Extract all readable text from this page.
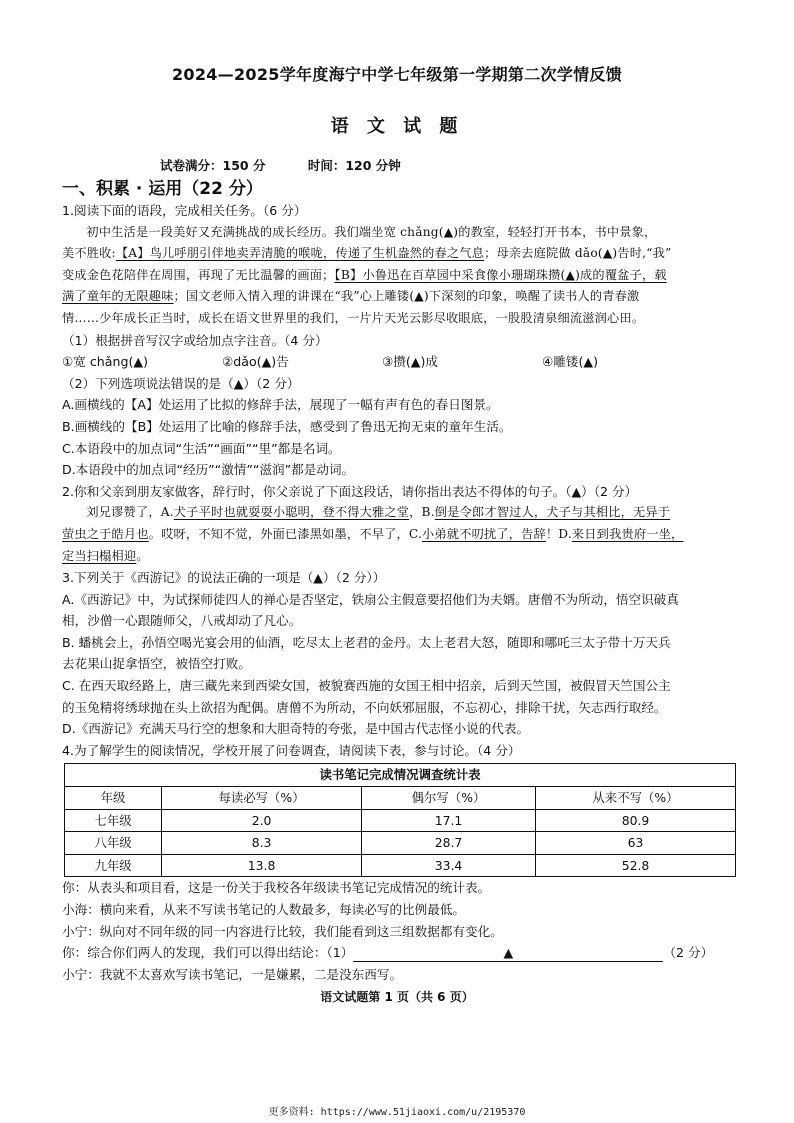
2024—2025学年度海宁中学七年级第一学期第二次学情反馈
语 文 试 题
试卷满分：150 分	时间：120 分钟
一、积累 · 运用（22 分）

1.阅读下面的语段，完成相关任务。（6 分）

初中生活是一段美好又充满挑战的成长经历。我们端坐宽 chǎng(▲)的教室，轻轻打开书本，书中景象，

美不胜收:【A】鸟儿呼朋引伴地卖弄清脆的喉咙，传递了生机盎然的春之气息；母亲去庭院做 dǎo(▲)告时,“我”

变成金色花陪伴在周围，再现了无比温馨的画面；【B】小鲁迅在百草园中采食像小珊瑚珠攒(▲)成的覆盆子，载

满了童年的无限趣味；国文老师入情入理的讲课在“我”心上雕镂(▲)下深刻的印象，唤醒了读书人的青春激

情……少年成长正当时，成长在语文世界里的我们，一片片天光云影尽收眼底，一股股清泉细流滋润心田。

（1）根据拼音写汉字或给加点字注音。（4 分）

①宽 chǎng(▲)	②dǎo(▲)告	③攒(▲)成	④雕镂(▲)

（2）下列选项说法错误的是（▲）（2 分）

A.画横线的【A】处运用了比拟的修辞手法，展现了一幅有声有色的春日图景。

B.画横线的【B】处运用了比喻的修辞手法，感受到了鲁迅无拘无束的童年生活。

C.本语段中的加点词“生活”“画面”“里”都是名词。

D.本语段中的加点词“经历”“激情”“滋润”都是动词。

2.你和父亲到朋友家做客，辞行时，你父亲说了下面这段话，请你指出表达不得体的句子。（▲）（2 分）

刘兄谬赞了，A.犬子平时也就耍耍小聪明，登不得大雅之堂，B.倒是令郎才智过人，犬子与其相比，无异于

萤虫之于皓月也。哎呀，不知不觉，外面已漆黑如墨，不早了，C.小弟就不叨扰了，告辞！D.来日到我贵府一坐，

定当扫榻相迎。

3.下列关于《西游记》的说法正确的一项是（▲）（2 分））

A.《西游记》中，为试探师徒四人的禅心是否坚定，铁扇公主假意要招他们为夫婿。唐僧不为所动，悟空识破真

相，沙僧一心跟随师父，八戒却动了凡心。

B. 蟠桃会上，孙悟空喝光宴会用的仙酒，吃尽太上老君的金丹。太上老君大怒，随即和哪吒三太子带十万天兵

去花果山捉拿悟空，被悟空打败。

C. 在西天取经路上，唐三藏先来到西梁女国，被貌赛西施的女国王相中招亲，后到天竺国，被假冒天竺国公主

的玉兔精将绣球抛在头上欲招为配偶。唐僧不为所动，不向妖邪屈服，不忘初心，排除干扰，矢志西行取经。

D.《西游记》充满天马行空的想象和大胆奇特的夸张，是中国古代志怪小说的代表。

4.为了解学生的阅读情况，学校开展了问卷调查，请阅读下表，参与讨论。（4 分）

读书笔记完成情况调查统计表			
年级	每读必写（%）	偶尔写（%）	从来不写（%）
七年级	2.0	17.1	80.9
八年级	8.3	28.7	63
九年级	13.8	33.4	52.8

你：从表头和项目看，这是一份关于我校各年级读书笔记完成情况的统计表。

小海：横向来看，从来不写读书笔记的人数最多，每读必写的比例最低。

小宁：纵向对不同年级的同一内容进行比较，我们能看到这三组数据都有变化。

你：综合你们两人的发现，我们可以得出结论：（1）	▲	（2 分）

小宁：我就不太喜欢写读书笔记，一是嫌累，二是没东西写。

语文试题第 1 页（共 6 页）
更多资料: https://www.51jiaoxi.com/u/2195370
